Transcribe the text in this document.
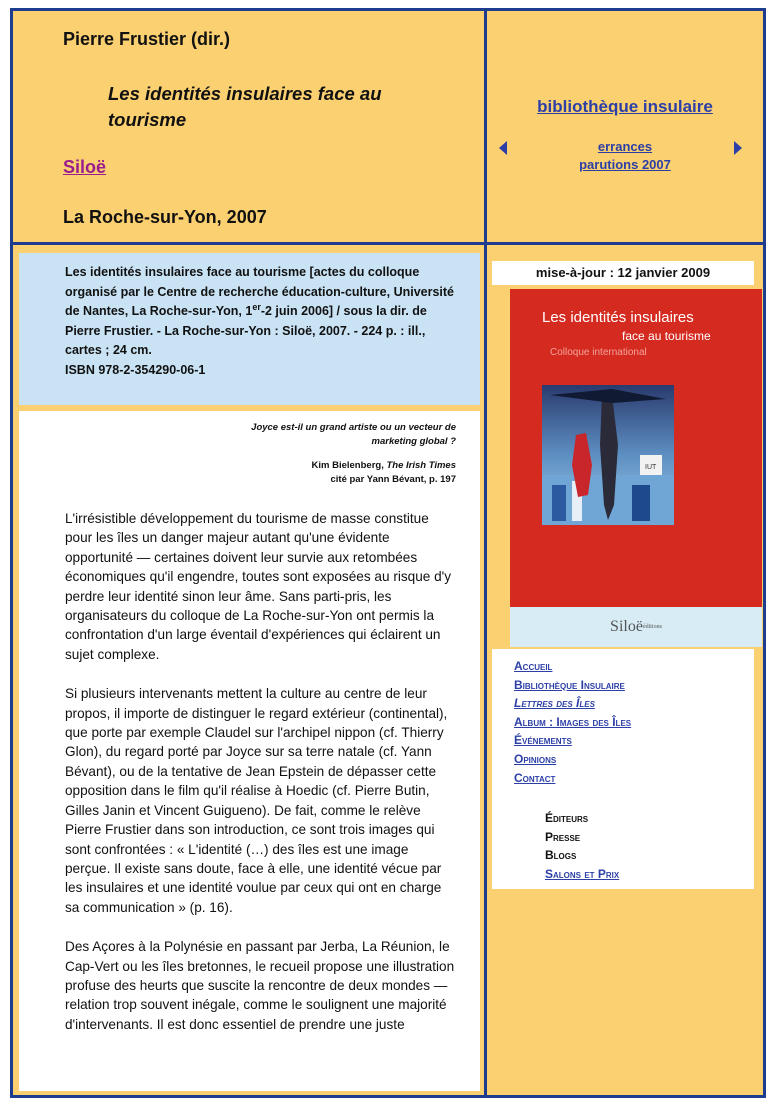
Pierre Frustier (dir.)
Les identités insulaires face au tourisme
Siloë
La Roche-sur-Yon, 2007
bibliothèque insulaire
errances
parutions 2007
Les identités insulaires face au tourisme [actes du colloque organisé par le Centre de recherche éducation-culture, Université de Nantes, La Roche-sur-Yon, 1er-2 juin 2006] / sous la dir. de Pierre Frustier. - La Roche-sur-Yon : Siloë, 2007. - 224 p. : ill., cartes ; 24 cm.
ISBN 978-2-354290-06-1
Joyce est-il un grand artiste ou un vecteur de marketing global ?
Kim Bielenberg, The Irish Times
cité par Yann Bévant, p. 197

L'irrésistible développement du tourisme de masse constitue pour les îles un danger majeur autant qu'une évidente opportunité — certaines doivent leur survie aux retombées économiques qu'il engendre, toutes sont exposées au risque d'y perdre leur identité sinon leur âme. Sans parti-pris, les organisateurs du colloque de La Roche-sur-Yon ont permis la confrontation d'un large éventail d'expériences qui éclairent un sujet complexe.

Si plusieurs intervenants mettent la culture au centre de leur propos, il importe de distinguer le regard extérieur (continental), que porte par exemple Claudel sur l'archipel nippon (cf. Thierry Glon), du regard porté par Joyce sur sa terre natale (cf. Yann Bévant), ou de la tentative de Jean Epstein de dépasser cette opposition dans le film qu'il réalise à Hoedic (cf. Pierre Butin, Gilles Janin et Vincent Guigueno). De fait, comme le relève Pierre Frustier dans son introduction, ce sont trois images qui sont confrontées : « L'identité (…) des îles est une image perçue. Il existe sans doute, face à elle, une identité vécue par les insulaires et une identité voulue par ceux qui ont en charge sa communication » (p. 16).

Des Açores à la Polynésie en passant par Jerba, La Réunion, le Cap-Vert ou les îles bretonnes, le recueil propose une illustration profuse des heurts que suscite la rencontre de deux mondes — relation trop souvent inégale, comme le soulignent une majorité d'intervenants. Il est donc essentiel de prendre une juste

mise-à-jour : 12 janvier 2009
Les identités insulaires
face au tourisme
Colloque international
IUT
Siloë$^{éditions}$
Accueil
Bibliothèque Insulaire
Lettres des Îles
Album : Images des Îles
Événements
Opinions
Contact
Éditeurs
Presse
Blogs
Salons et Prix
